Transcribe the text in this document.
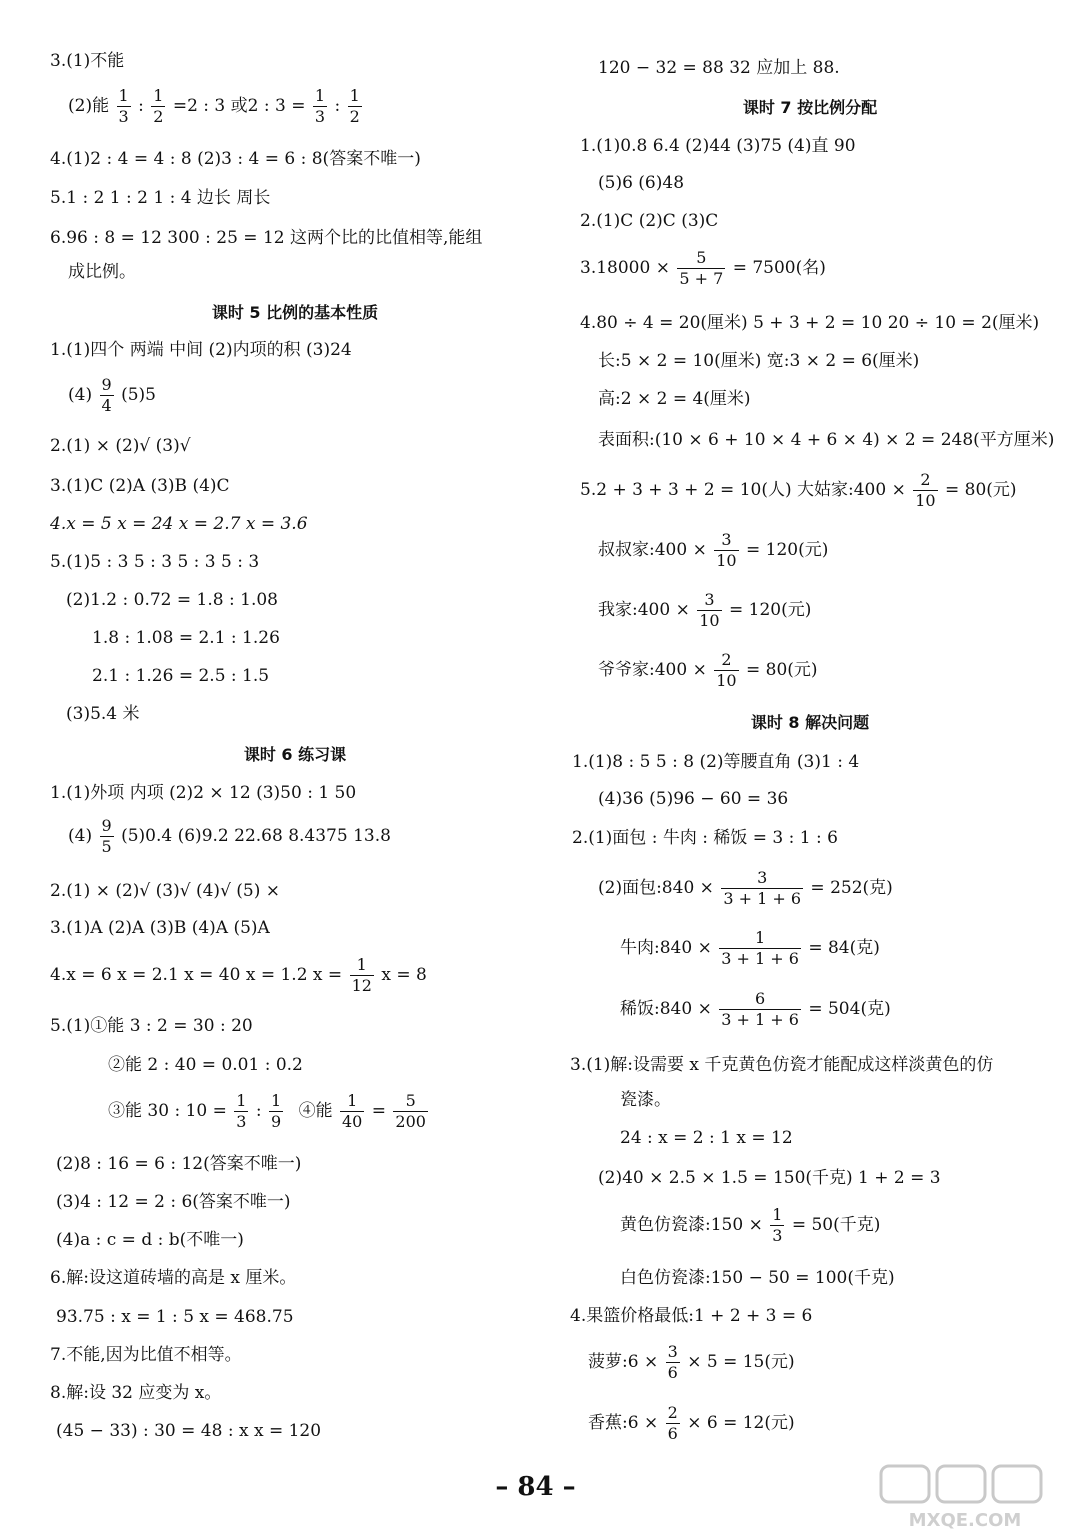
3.(1)不能
(2)能 $\frac{1}{3}$ : $\frac{1}{2} =2$ : 3 或2 : $3 = \frac{1}{3}$ : $\frac{1}{2}$
4.(1)2 : 4 = 4 : 8 (2)3 : 4 = 6 : 8(答案不唯一)
5.1 : 2 1 : 2 1 : 4 边长 周长
6.96 : 8 = 12 300 : 25 = 12 这两个比的比值相等,能组
成比例。
课时 5 比例的基本性质
1.(1)四个 两端 中间 (2)内项的积 (3)24
$(4) \frac{9}{4} (5)5$
2.(1) × (2)√ (3)√
3.(1)C (2)A (3)B (4)C
4.x = 5 x = 24 x = 2.7 x = 3.6
5.(1)5 : 3 5 : 3 5 : 3 5 : 3
(2)1.2 : 0.72 = 1.8 : 1.08
1.8 : 1.08 = 2.1 : 1.26
2.1 : 1.26 = 2.5 : 1.5
(3)5.4 米
课时 6 练习课
1.(1)外项 内项 (2)2 × 12 (3)50 : 1 50
$(4) \frac{9}{5} (5)0.4$ (6)9.2 22.68 8.4375 13.8
2.(1) × (2)√ (3)√ (4)√ (5) ×
3.(1)A (2)A (3)B (4)A (5)A
4.x = 6 x = 2.1 x = 40 x = 1.2 $x = \frac{1}{12}$ x = 8
5.(1)①能 3 : 2 = 30 : 20
②能 2 : 40 = 0.01 : 0.2
③能 30 : $10 = \frac{1}{3}$ : $\frac{1}{9}$ ④能 $\frac{1}{40} = \frac{5}{200}$
(2)8 : 16 = 6 : 12(答案不唯一)
(3)4 : 12 = 2 : 6(答案不唯一)
(4)a : c = d : b(不唯一)
6.解:设这道砖墙的高是 x 厘米。
93.75 : x = 1 : 5 x = 468.75
7.不能,因为比值不相等。
8.解:设 32 应变为 x。
(45 − 33) : 30 = 48 : x x = 120
120 − 32 = 88 32 应加上 88.
课时 7 按比例分配
1.(1)0.8 6.4 (2)44 (3)75 (4)直 90
(5)6 (6)48
2.(1)C (2)C (3)C
$3.18000 \times \frac{5}{5 + 7} = 7500$(名)
4.80 ÷ 4 = 20(厘米) 5 + 3 + 2 = 10 20 ÷ 10 = 2(厘米)
长:5 × 2 = 10(厘米) 宽:3 × 2 = 6(厘米)
高:2 × 2 = 4(厘米)
表面积:(10 × 6 + 10 × 4 + 6 × 4) × 2 = 248(平方厘米)
5.2 + 3 + 3 + 2 = 10(人) 大姑家:400 × $\frac{2}{10} = 80$(元)
叔叔家:400 × $\frac{3}{10} = 120$(元)
我家:400 × $\frac{3}{10} = 120$(元)
爷爷家:400 × $\frac{2}{10} = 80$(元)
课时 8 解决问题
1.(1)8 : 5 5 : 8 (2)等腰直角 (3)1 : 4
(4)36 (5)96 − 60 = 36
2.(1)面包 : 牛肉 : 稀饭 = 3 : 1 : 6
(2)面包:840 × $\frac{3}{3 + 1 + 6} = 252$(克)
牛肉:840 × $\frac{1}{3 + 1 + 6} = 84$(克)
稀饭:840 × $\frac{6}{3 + 1 + 6} = 504$(克)
3.(1)解:设需要 x 千克黄色仿瓷才能配成这样淡黄色的仿
瓷漆。
24 : x = 2 : 1 x = 12
(2)40 × 2.5 × 1.5 = 150(千克) 1 + 2 = 3
黄色仿瓷漆:150 × $\frac{1}{3} = 50$(千克)
白色仿瓷漆:150 − 50 = 100(千克)
4.果篮价格最低:1 + 2 + 3 = 6
菠萝:6 × $\frac{3}{6} \times 5 = 15$(元)
香蕉:6 × $\frac{2}{6} \times 6 = 12$(元)
– 84 –
MXQE.COM
